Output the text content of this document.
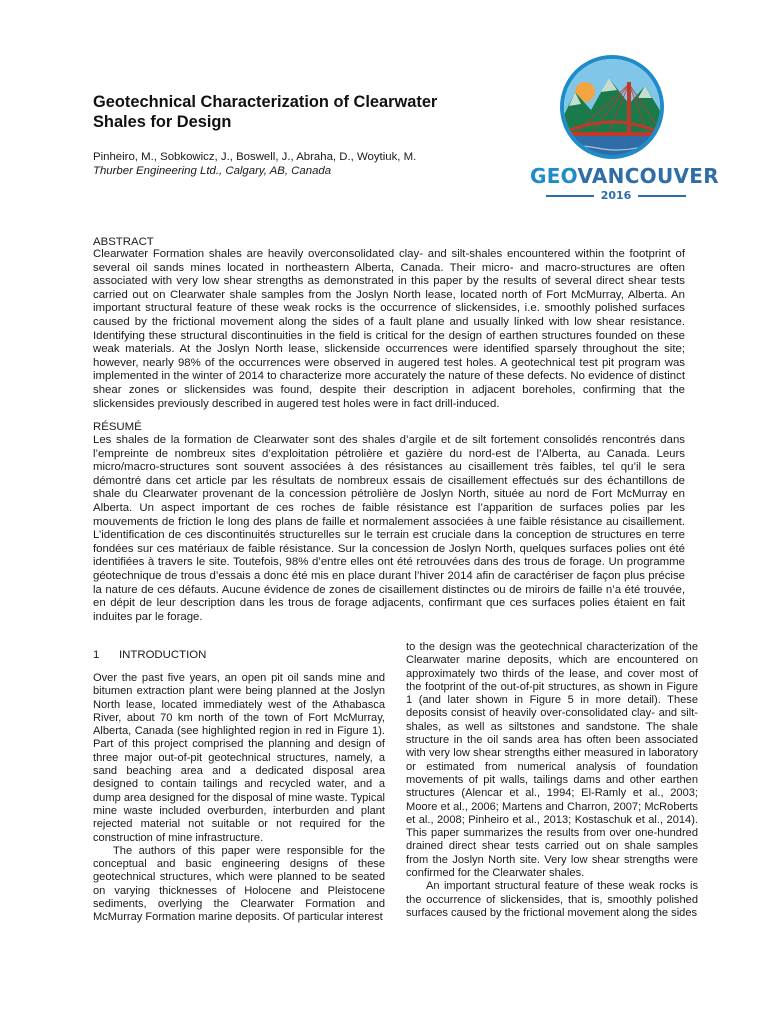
Geotechnical Characterization of Clearwater Shales for Design

Pinheiro, M., Sobkowicz, J., Boswell, J., Abraha, D., Woytiuk, M.

Thurber Engineering Ltd., Calgary, AB, Canada	GEOVANCOUVER
2016

ABSTRACT

Clearwater Formation shales are heavily overconsolidated clay- and silt-shales encountered within the footprint of several oil sands mines located in northeastern Alberta, Canada. Their micro- and macro-structures are often associated with very low shear strengths as demonstrated in this paper by the results of several direct shear tests carried out on Clearwater shale samples from the Joslyn North lease, located north of Fort McMurray, Alberta. An important structural feature of these weak rocks is the occurrence of slickensides, i.e. smoothly polished surfaces caused by the frictional movement along the sides of a fault plane and usually linked with low shear resistance. Identifying these structural discontinuities in the field is critical for the design of earthen structures founded on these weak materials. At the Joslyn North lease, slickenside occurrences were identified sparsely throughout the site; however, nearly 98% of the occurrences were observed in augered test holes. A geotechnical test pit program was implemented in the winter of 2014 to characterize more accurately the nature of these defects. No evidence of distinct shear zones or slickensides was found, despite their description in adjacent boreholes, confirming that the slickensides previously described in augered test holes were in fact drill-induced.

RÉSUMÉ

Les shales de la formation de Clearwater sont des shales d’argile et de silt fortement consolidés rencontrés dans l’empreinte de nombreux sites d’exploitation pétrolière et gazière du nord-est de l’Alberta, au Canada. Leurs micro/macro-structures sont souvent associées à des résistances au cisaillement très faibles, tel qu’il le sera démontré dans cet article par les résultats de nombreux essais de cisaillement effectués sur des échantillons de shale du Clearwater provenant de la concession pétrolière de Joslyn North, située au nord de Fort McMurray en Alberta. Un aspect important de ces roches de faible résistance est l’apparition de surfaces polies par les mouvements de friction le long des plans de faille et normalement associées à une faible résistance au cisaillement. L’identification de ces discontinuités structurelles sur le terrain est cruciale dans la conception de structures en terre fondées sur ces matériaux de faible résistance. Sur la concession de Joslyn North, quelques surfaces polies ont été identifiées à travers le site. Toutefois, 98% d’entre elles ont été retrouvées dans des trous de forage. Un programme géotechnique de trous d’essais a donc été mis en place durant l’hiver 2014 afin de caractériser de façon plus précise la nature de ces défauts. Aucune évidence de zones de cisaillement distinctes ou de miroirs de faille n’a été trouvée, en dépit de leur description dans les trous de forage adjacents, confirmant que ces surfaces polies étaient en fait induites par le forage.

1 INTRODUCTION

Over the past five years, an open pit oil sands mine and bitumen extraction plant were being planned at the Joslyn North lease, located immediately west of the Athabasca River, about 70 km north of the town of Fort McMurray, Alberta, Canada (see highlighted region in red in Figure 1). Part of this project comprised the planning and design of three major out-of-pit geotechnical structures, namely, a sand beaching area and a dedicated disposal area designed to contain tailings and recycled water, and a dump area designed for the disposal of mine waste. Typical mine waste included overburden, interburden and plant rejected material not suitable or not required for the construction of mine infrastructure.

The authors of this paper were responsible for the conceptual and basic engineering designs of these geotechnical structures, which were planned to be seated on varying thicknesses of Holocene and Pleistocene sediments, overlying the Clearwater Formation and McMurray Formation marine deposits. Of particular interest

to the design was the geotechnical characterization of the Clearwater marine deposits, which are encountered on approximately two thirds of the lease, and cover most of the footprint of the out-of-pit structures, as shown in Figure 1 (and later shown in Figure 5 in more detail). These deposits consist of heavily over-consolidated clay- and silt-shales, as well as siltstones and sandstone. The shale structure in the oil sands area has often been associated with very low shear strengths either measured in laboratory or estimated from numerical analysis of foundation movements of pit walls, tailings dams and other earthen structures (Alencar et al., 1994; El-Ramly et al., 2003; Moore et al., 2006; Martens and Charron, 2007; McRoberts et al., 2008; Pinheiro et al., 2013; Kostaschuk et al., 2014). This paper summarizes the results from over one-hundred drained direct shear tests carried out on shale samples from the Joslyn North site. Very low shear strengths were confirmed for the Clearwater shales.

An important structural feature of these weak rocks is the occurrence of slickensides, that is, smoothly polished surfaces caused by the frictional movement along the sides
